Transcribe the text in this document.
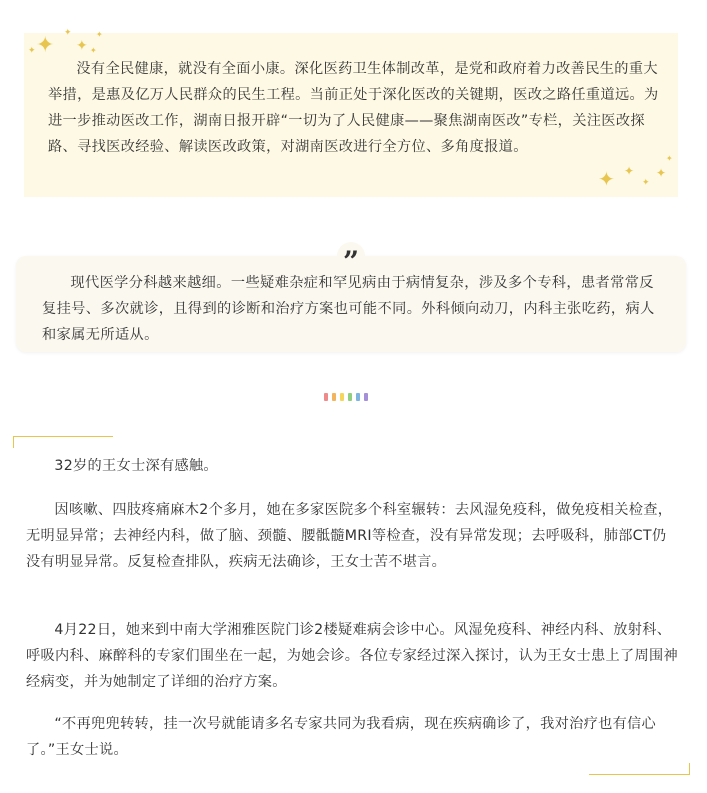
✦
✦
✦
✦ ✦
✦
✦ ✦
✦
✦
✦

没有全民健康，就没有全面小康。深化医药卫生体制改革，是党和政府着力改善民生的重大举措，是惠及亿万人民群众的民生工程。当前正处于深化医改的关键期，医改之路任重道远。为进一步推动医改工作，湖南日报开辟“一切为了人民健康——聚焦湖南医改”专栏，关注医改探路、寻找医改经验、解读医改政策，对湖南医改进行全方位、多角度报道。

”

现代医学分科越来越细。一些疑难杂症和罕见病由于病情复杂，涉及多个专科，患者常常反复挂号、多次就诊，且得到的诊断和治疗方案也可能不同。外科倾向动刀，内科主张吃药，病人和家属无所适从。

32岁的王女士深有感触。

因咳嗽、四肢疼痛麻木2个多月，她在多家医院多个科室辗转：去风湿免疫科，做免疫相关检查，无明显异常；去神经内科，做了脑、颈髓、腰骶髓MRI等检查，没有异常发现；去呼吸科，肺部CT仍没有明显异常。反复检查排队，疾病无法确诊，王女士苦不堪言。

4月22日，她来到中南大学湘雅医院门诊2楼疑难病会诊中心。风湿免疫科、神经内科、放射科、呼吸内科、麻醉科的专家们围坐在一起，为她会诊。各位专家经过深入探讨，认为王女士患上了周围神经病变，并为她制定了详细的治疗方案。

“不再兜兜转转，挂一次号就能请多名专家共同为我看病，现在疾病确诊了，我对治疗也有信心了。”王女士说。
